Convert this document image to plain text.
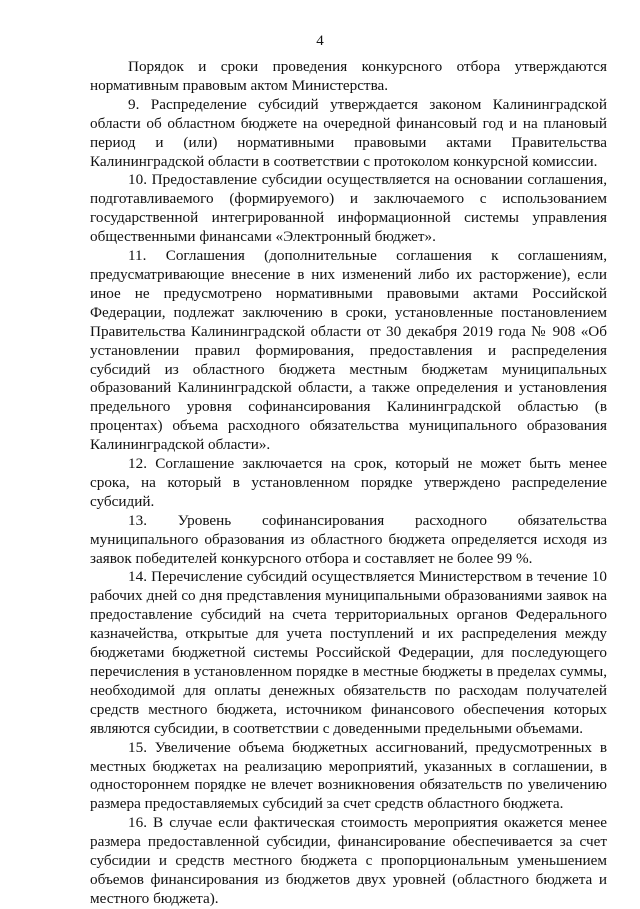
4

Порядок и сроки проведения конкурсного отбора утверждаются нормативным правовым актом Министерства.

9. Распределение субсидий утверждается законом Калининградской области об областном бюджете на очередной финансовый год и на плановый период и (или) нормативными правовыми актами Правительства Калининградской области в соответствии с протоколом конкурсной комиссии.

10. Предоставление субсидии осуществляется на основании соглашения, подготавливаемого (формируемого) и заключаемого с использованием государственной интегрированной информационной системы управления общественными финансами «Электронный бюджет».

11. Соглашения (дополнительные соглашения к соглашениям, предусматривающие внесение в них изменений либо их расторжение), если иное не предусмотрено нормативными правовыми актами Российской Федерации, подлежат заключению в сроки, установленные постановлением Правительства Калининградской области от 30 декабря 2019 года № 908 «Об установлении правил формирования, предоставления и распределения субсидий из областного бюджета местным бюджетам муниципальных образований Калининградской области, а также определения и установления предельного уровня софинансирования Калининградской областью (в процентах) объема расходного обязательства муниципального образования Калининградской области».

12. Соглашение заключается на срок, который не может быть менее срока, на который в установленном порядке утверждено распределение субсидий.

13. Уровень софинансирования расходного обязательства муниципального образования из областного бюджета определяется исходя из заявок победителей конкурсного отбора и составляет не более 99 %.

14. Перечисление субсидий осуществляется Министерством в течение 10 рабочих дней со дня представления муниципальными образованиями заявок на предоставление субсидий на счета территориальных органов Федерального казначейства, открытые для учета поступлений и их распределения между бюджетами бюджетной системы Российской Федерации, для последующего перечисления в установленном порядке в местные бюджеты в пределах суммы, необходимой для оплаты денежных обязательств по расходам получателей средств местного бюджета, источником финансового обеспечения которых являются субсидии, в соответствии с доведенными предельными объемами.

15. Увеличение объема бюджетных ассигнований, предусмотренных в местных бюджетах на реализацию мероприятий, указанных в соглашении, в одностороннем порядке не влечет возникновения обязательств по увеличению размера предоставляемых субсидий за счет средств областного бюджета.

16. В случае если фактическая стоимость мероприятия окажется менее размера предоставленной субсидии, финансирование обеспечивается за счет субсидии и средств местного бюджета с пропорциональным уменьшением объемов финансирования из бюджетов двух уровней (областного бюджета и местного бюджета).
